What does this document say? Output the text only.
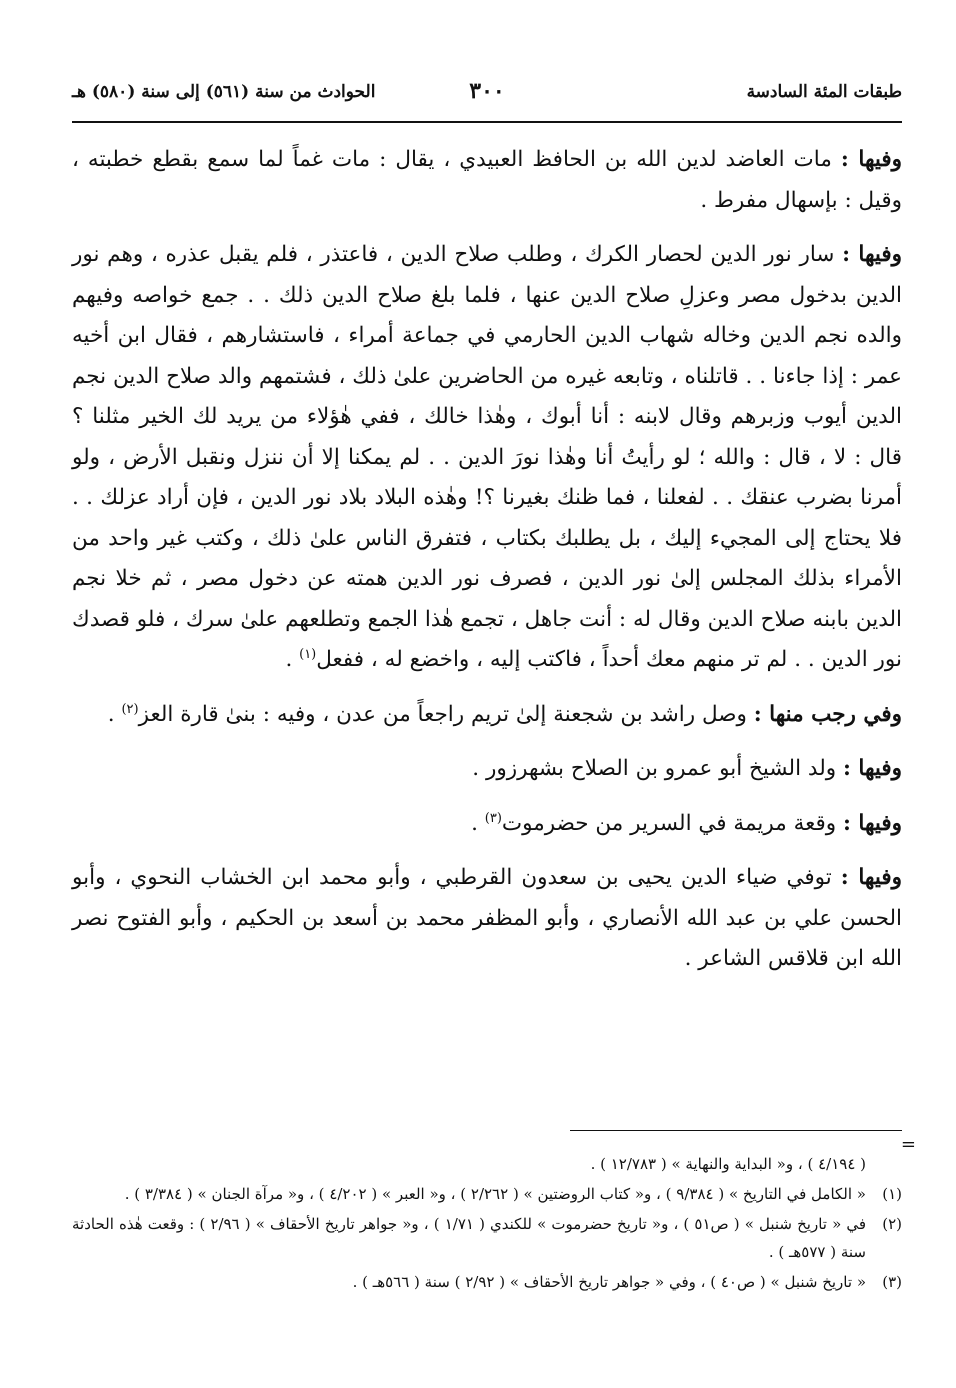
طبقات المئة السادسة
٣٠٠
الحوادث من سنة (٥٦١) إلى سنة (٥٨٠) هـ

وفيها : مات العاضد لدين الله بن الحافظ العبيدي ، يقال : مات غماً لما سمع بقطع خطبته ، وقيل : بإسهال مفرط .

وفيها : سار نور الدين لحصار الكرك ، وطلب صلاح الدين ، فاعتذر ، فلم يقبل عذره ، وهم نور الدين بدخول مصر وعزلِ صلاح الدين عنها ، فلما بلغ صلاح الدين ذلك . . جمع خواصه وفيهم والده نجم الدين وخاله شهاب الدين الحارمي في جماعة أمراء ، فاستشارهم ، فقال ابن أخيه عمر : إذا جاءنا . . قاتلناه ، وتابعه غيره من الحاضرين علىٰ ذلك ، فشتمهم والد صلاح الدين نجم الدين أيوب وزبرهم وقال لابنه : أنا أبوك ، وهٰذا خالك ، ففي هٰؤلاء من يريد لك الخير مثلنا ؟ قال : لا ، قال : والله ؛ لو رأيتُ أنا وهٰذا نورَ الدين . . لم يمكنا إلا أن ننزل ونقبل الأرض ، ولو أمرنا بضرب عنقك . . لفعلنا ، فما ظنك بغيرنا ؟! وهٰذه البلاد بلاد نور الدين ، فإن أراد عزلك . . فلا يحتاج إلى المجيء إليك ، بل يطلبك بكتاب ، فتفرق الناس علىٰ ذلك ، وكتب غير واحد من الأمراء بذلك المجلس إلىٰ نور الدين ، فصرف نور الدين همته عن دخول مصر ، ثم خلا نجم الدين بابنه صلاح الدين وقال له : أنت جاهل ، تجمع هٰذا الجمع وتطلعهم علىٰ سرك ، فلو قصدك نور الدين . . لم تر منهم معك أحداً ، فاكتب إليه ، واخضع له ، ففعل$^{(١)}$ .

وفي رجب منها : وصل راشد بن شجعنة إلىٰ تريم راجعاً من عدن ، وفيه : بنىٰ قارة العز$^{(٢)}$ .

وفيها : ولد الشيخ أبو عمرو بن الصلاح بشهرزور .

وفيها : وقعة مريمة في السرير من حضرموت$^{(٣)}$ .

وفيها : توفي ضياء الدين يحيى بن سعدون القرطبي ، وأبو محمد ابن الخشاب النحوي ، وأبو الحسن علي بن عبد الله الأنصاري ، وأبو المظفر محمد بن أسعد بن الحكيم ، وأبو الفتوح نصر الله ابن قلاقس الشاعر .

=
( ٤/١٩٤ ) ، و« البداية والنهاية » ( ١٢/٧٨٣ ) .
(١)
« الكامل في التاريخ » ( ٩/٣٨٤ ) ، و« كتاب الروضتين » ( ٢/٢٦٢ ) ، و« العبر » ( ٤/٢٠٢ ) ، و« مرآة الجنان » ( ٣/٣٨٤ ) .
(٢)
في « تاريخ شنبل » ( ص٥١ ) ، و« تاريخ حضرموت » للكندي ( ١/٧١ ) ، و« جواهر تاريخ الأحقاف » ( ٢/٩٦ ) : وقعت هٰذه الحادثة سنة ( ٥٧٧هـ ) .
(٣)
« تاريخ شنبل » ( ص٤٠ ) ، وفي « جواهر تاريخ الأحقاف » ( ٢/٩٢ ) سنة ( ٥٦٦هـ ) .
